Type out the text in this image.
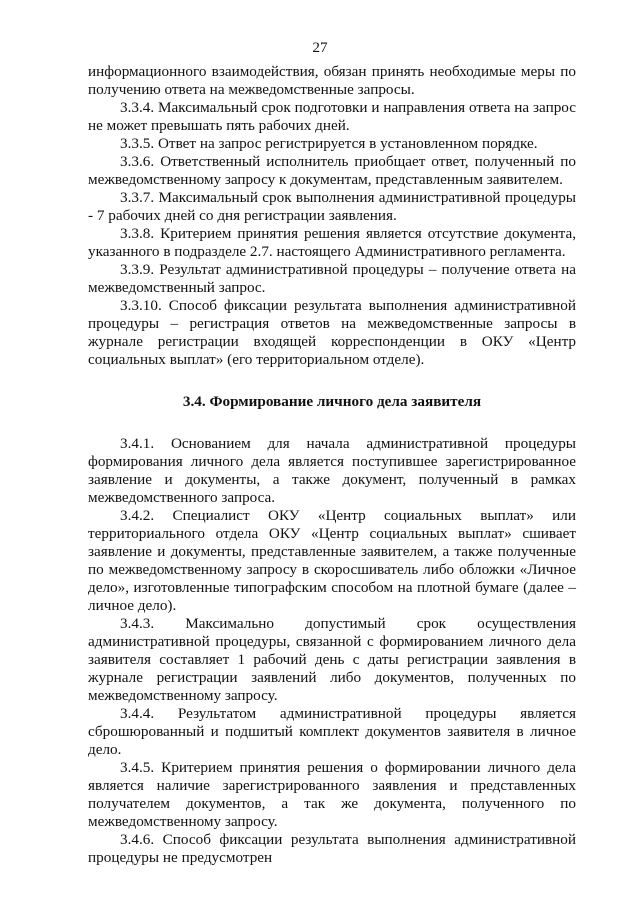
27

информационного взаимодействия, обязан принять необходимые меры по получению ответа на межведомственные запросы.

3.3.4. Максимальный срок подготовки и направления ответа на запрос не может превышать пять рабочих дней.

3.3.5. Ответ на запрос регистрируется в установленном порядке.

3.3.6. Ответственный исполнитель приобщает ответ, полученный по межведомственному запросу к документам, представленным заявителем.

3.3.7. Максимальный срок выполнения административной процедуры - 7 рабочих дней со дня регистрации заявления.

3.3.8. Критерием принятия решения является отсутствие документа, указанного в подразделе 2.7. настоящего Административного регламента.

3.3.9. Результат административной процедуры – получение ответа на межведомственный запрос.

3.3.10. Способ фиксации результата выполнения административной процедуры – регистрация ответов на межведомственные запросы в журнале регистрации входящей корреспонденции в ОКУ «Центр социальных выплат» (его территориальном отделе).

3.4. Формирование личного дела заявителя

3.4.1. Основанием для начала административной процедуры формирования личного дела является поступившее зарегистрированное заявление и документы, а также документ, полученный в рамках межведомственного запроса.

3.4.2. Специалист ОКУ «Центр социальных выплат» или территориального отдела ОКУ «Центр социальных выплат» сшивает заявление и документы, представленные заявителем, а также полученные по межведомственному запросу в скоросшиватель либо обложки «Личное дело», изготовленные типографским способом на плотной бумаге (далее – личное дело).

3.4.3. Максимально допустимый срок осуществления административной процедуры, связанной с формированием личного дела заявителя составляет 1 рабочий день с даты регистрации заявления в журнале регистрации заявлений либо документов, полученных по межведомственному запросу.

3.4.4. Результатом административной процедуры является сброшюрованный и подшитый комплект документов заявителя в личное дело.

3.4.5. Критерием принятия решения о формировании личного дела является наличие зарегистрированного заявления и представленных получателем документов, а так же документа, полученного по межведомственному запросу.

3.4.6. Способ фиксации результата выполнения административной процедуры не предусмотрен
